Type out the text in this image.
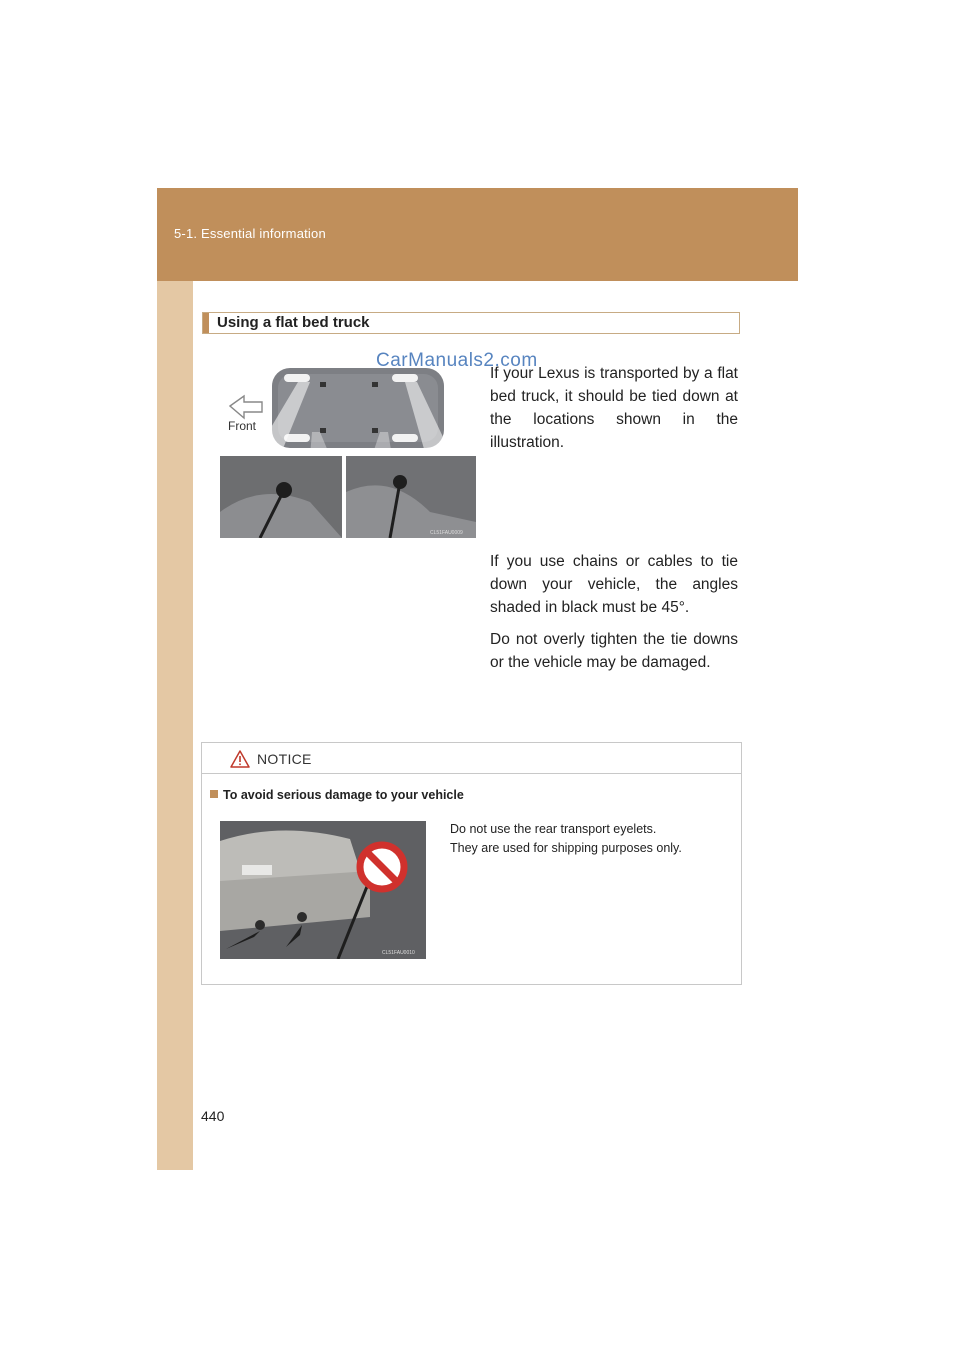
5-1. Essential information
Using a flat bed truck
Front
CL51FAU0009
CarManuals2.com

If your Lexus is transported by a flat bed truck, it should be tied down at the locations shown in the illustration.

If you use chains or cables to tie down your vehicle, the angles shaded in black must be 45°.

Do not overly tighten the tie downs or the vehicle may be damaged.

NOTICE
To avoid serious damage to your vehicle
CL51FAU0010
Do not use the rear transport eyelets.
They are used for shipping purposes only.
440
